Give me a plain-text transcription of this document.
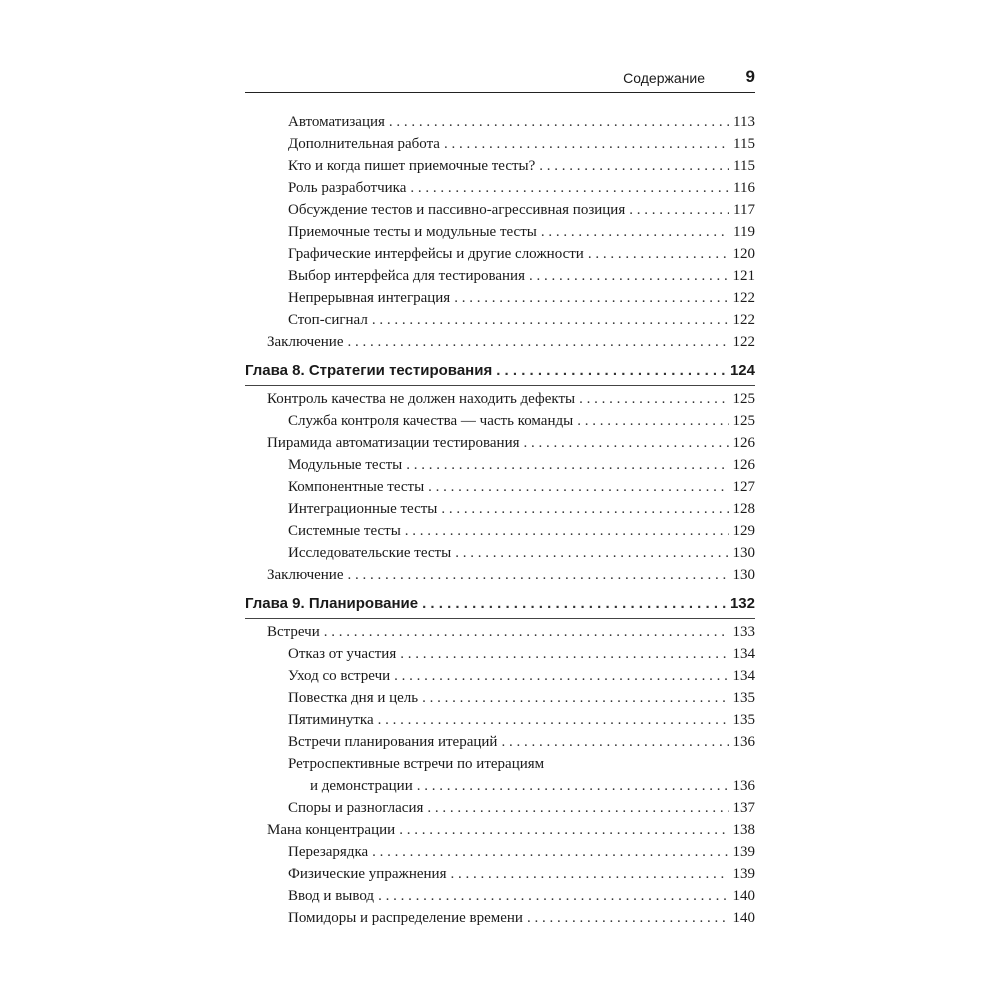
Содержание 9
Автоматизация . . .	113
Дополнительная работа . . .	115
Кто и когда пишет приемочные тесты? . . .	115
Роль разработчика . . .	116
Обсуждение тестов и пассивно-агрессивная позиция . . .	117
Приемочные тесты и модульные тесты . . .	119
Графические интерфейсы и другие сложности . . .	120
Выбор интерфейса для тестирования . . .	121
Непрерывная интеграция . . .	122
Стоп-сигнал . . .	122
Заключение . . .	122
Глава 8. Стратегии тестирования . . .	124
Контроль качества не должен находить дефекты . . .	125
Служба контроля качества — часть команды . . .	125
Пирамида автоматизации тестирования . . .	126
Модульные тесты . . .	126
Компонентные тесты . . .	127
Интеграционные тесты . . .	128
Системные тесты . . .	129
Исследовательские тесты . . .	130
Заключение . . .	130
Глава 9. Планирование . . .	132
Встречи . . .	133
Отказ от участия . . .	134
Уход со встречи . . .	134
Повестка дня и цель . . .	135
Пятиминутка . . .	135
Встречи планирования итераций . . .	136
Ретроспективные встречи по итерациям
и демонстрации . . .	136
Споры и разногласия . . .	137
Мана концентрации . . .	138
Перезарядка . . .	139
Физические упражнения . . .	139
Ввод и вывод . . .	140
Помидоры и распределение времени . . .	140
